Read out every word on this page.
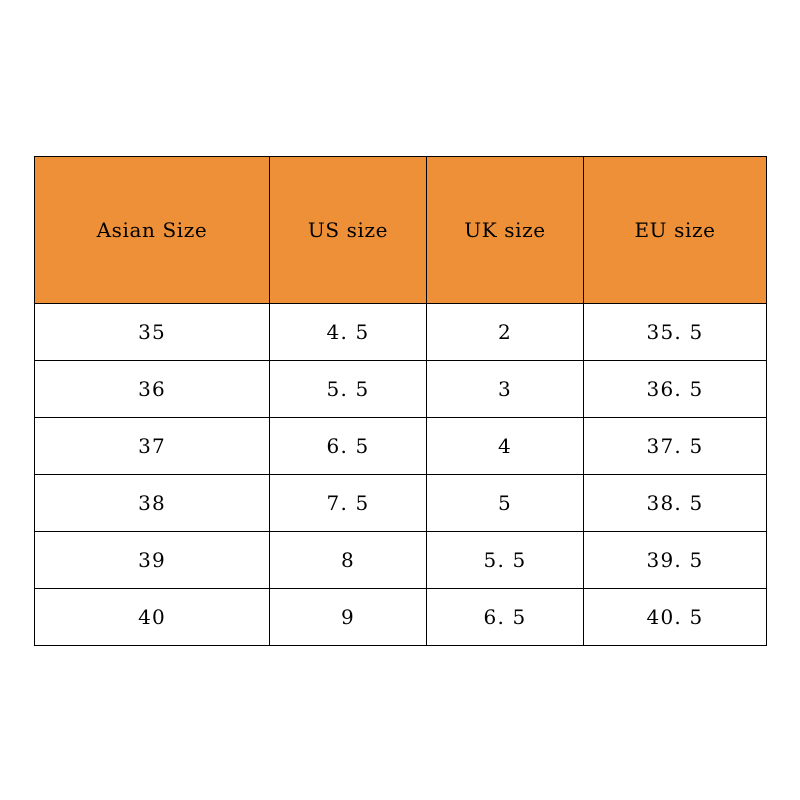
Asian Size	US size	UK size	EU size
35	4. 5	2	35. 5
36	5. 5	3	36. 5
37	6. 5	4	37. 5
38	7. 5	5	38. 5
39	8	5. 5	39. 5
40	9	6. 5	40. 5
